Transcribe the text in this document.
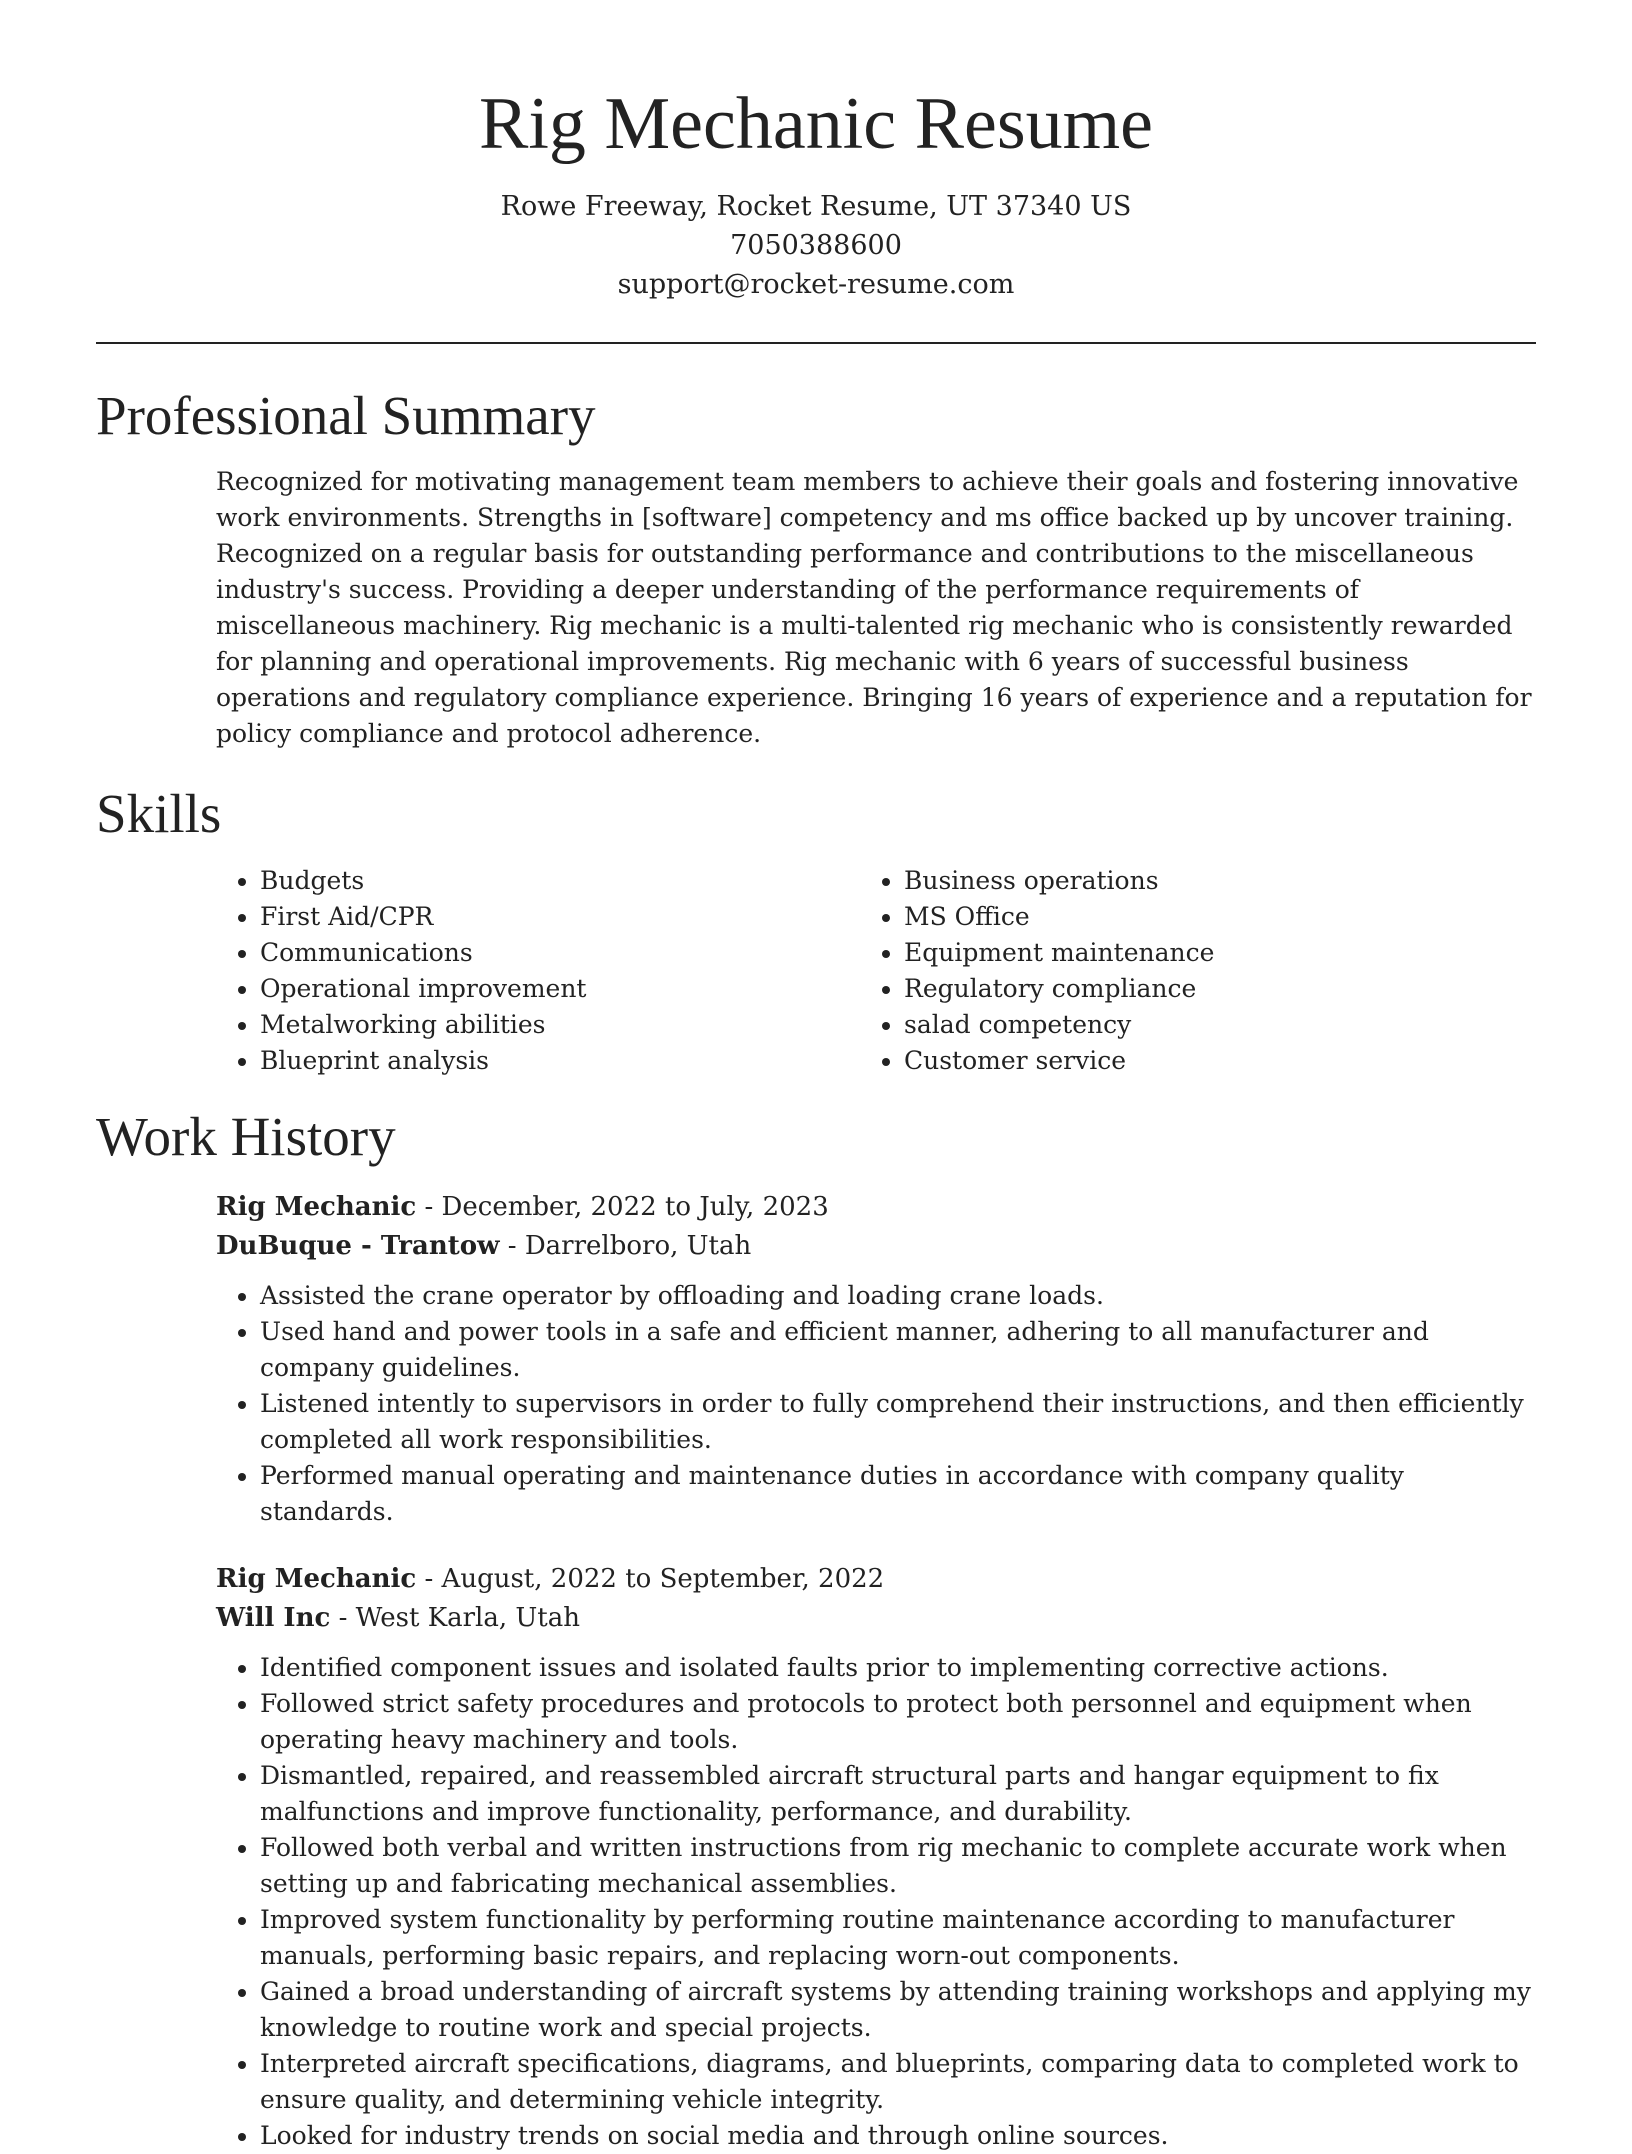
Rig Mechanic Resume
Rowe Freeway, Rocket Resume, UT 37340 US
7050388600
support@rocket-resume.com
Professional Summary

Recognized for motivating management team members to achieve their goals and fostering innovative work environments. Strengths in [software] competency and ms office backed up by uncover training. Recognized on a regular basis for outstanding performance and contributions to the miscellaneous industry's success. Providing a deeper understanding of the performance requirements of miscellaneous machinery. Rig mechanic is a multi-talented rig mechanic who is consistently rewarded for planning and operational improvements. Rig mechanic with 6 years of successful business operations and regulatory compliance experience. Bringing 16 years of experience and a reputation for policy compliance and protocol adherence.

Skills
• Budgets
• First Aid/CPR
• Communications
• Operational improvement
• Metalworking abilities
• Blueprint analysis
• Business operations
• MS Office
• Equipment maintenance
• Regulatory compliance
• salad competency
• Customer service
Work History
Rig Mechanic - December, 2022 to July, 2023
DuBuque - Trantow - Darrelboro, Utah
• Assisted the crane operator by offloading and loading crane loads.
• Used hand and power tools in a safe and efficient manner, adhering to all manufacturer and company guidelines.
• Listened intently to supervisors in order to fully comprehend their instructions, and then efficiently completed all work responsibilities.
• Performed manual operating and maintenance duties in accordance with company quality standards.
Rig Mechanic - August, 2022 to September, 2022
Will Inc - West Karla, Utah
• Identified component issues and isolated faults prior to implementing corrective actions.
• Followed strict safety procedures and protocols to protect both personnel and equipment when operating heavy machinery and tools.
• Dismantled, repaired, and reassembled aircraft structural parts and hangar equipment to fix malfunctions and improve functionality, performance, and durability.
• Followed both verbal and written instructions from rig mechanic to complete accurate work when setting up and fabricating mechanical assemblies.
• Improved system functionality by performing routine maintenance according to manufacturer manuals, performing basic repairs, and replacing worn-out components.
• Gained a broad understanding of aircraft systems by attending training workshops and applying my knowledge to routine work and special projects.
• Interpreted aircraft specifications, diagrams, and blueprints, comparing data to completed work to ensure quality, and determining vehicle integrity.
• Looked for industry trends on social media and through online sources.
